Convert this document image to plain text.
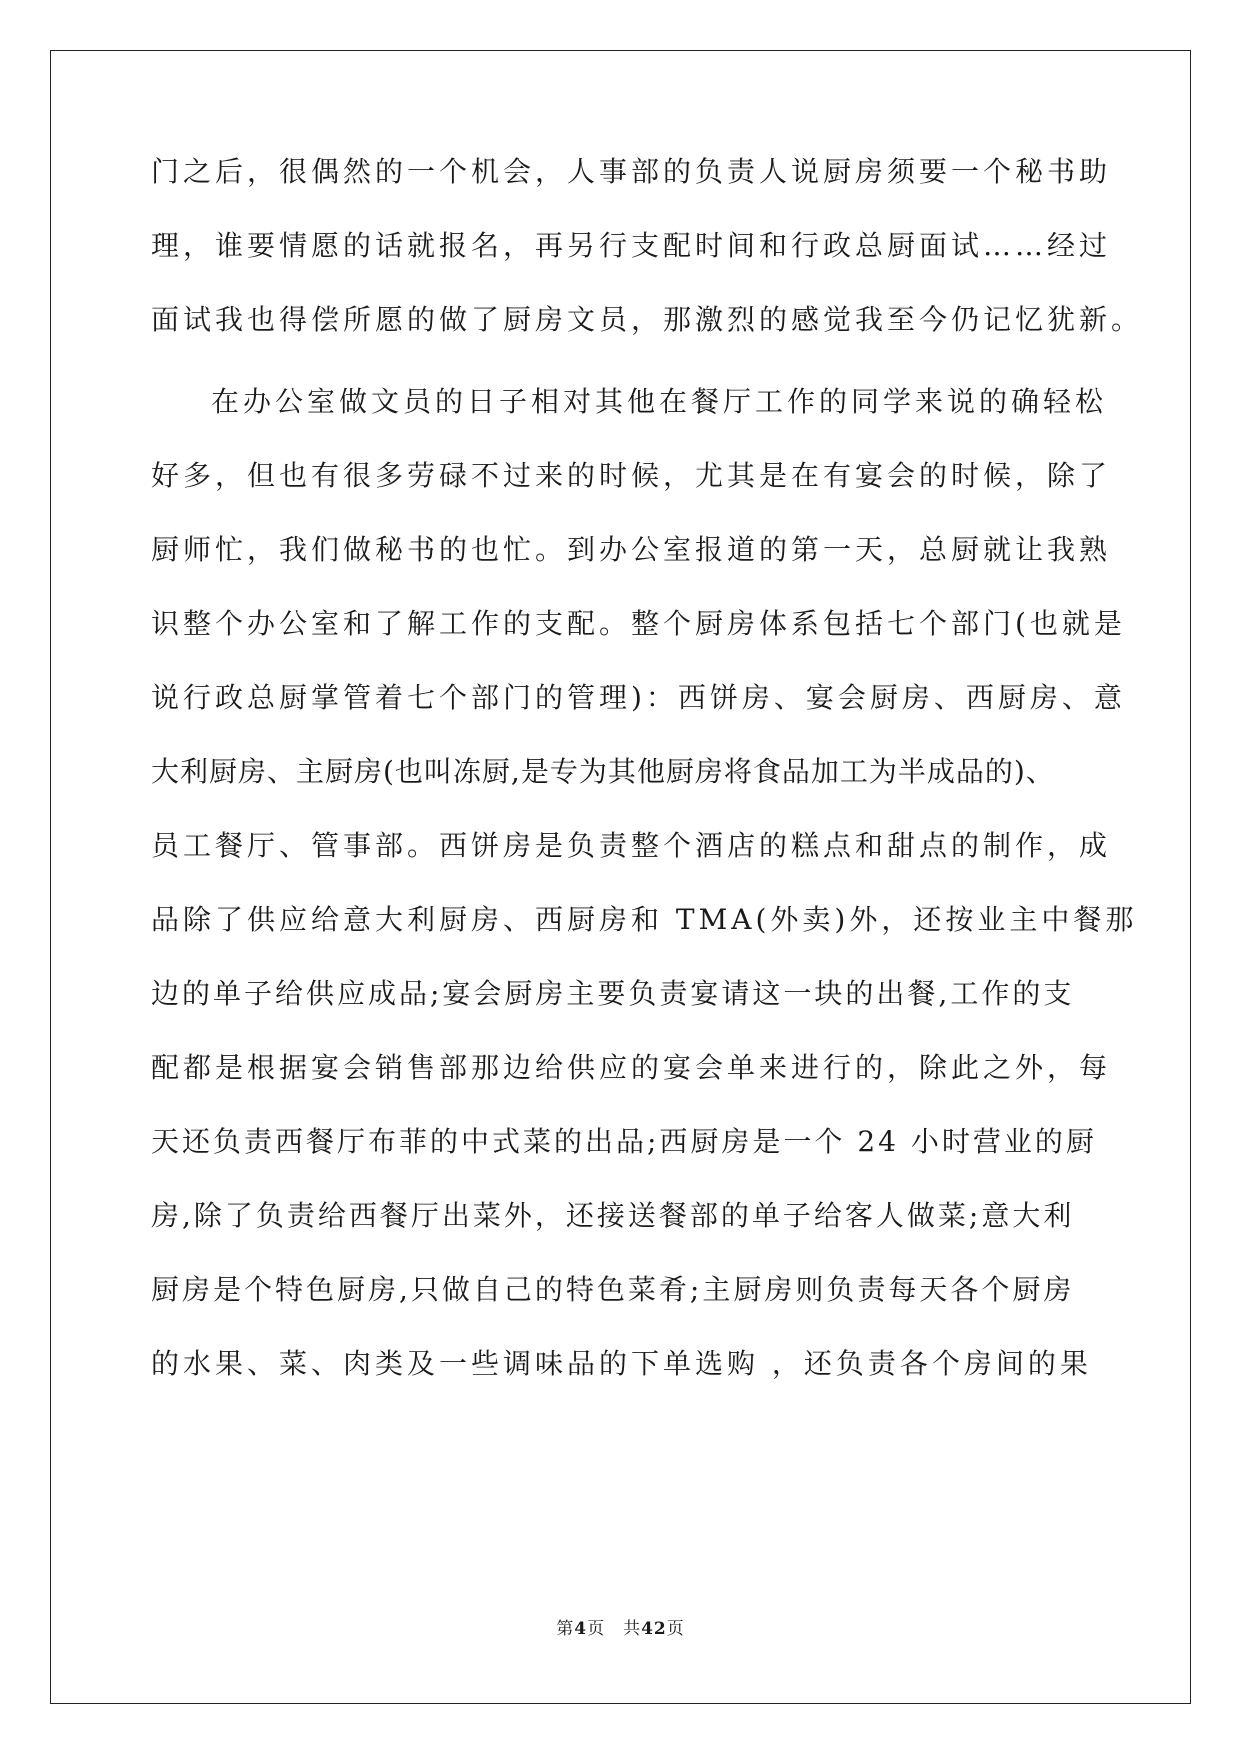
门之后，很偶然的一个机会，人事部的负责人说厨房须要一个秘书助
理，谁要情愿的话就报名，再另行支配时间和行政总厨面试……经过
面试我也得偿所愿的做了厨房文员，那激烈的感觉我至今仍记忆犹新。
在办公室做文员的日子相对其他在餐厅工作的同学来说的确轻松
好多，但也有很多劳碌不过来的时候，尤其是在有宴会的时候，除了
厨师忙，我们做秘书的也忙。到办公室报道的第一天，总厨就让我熟
识整个办公室和了解工作的支配。整个厨房体系包括七个部门(也就是
说行政总厨掌管着七个部门的管理)：西饼房、宴会厨房、西厨房、意
大利厨房、主厨房(也叫冻厨,是专为其他厨房将食品加工为半成品的)、
员工餐厅、管事部。西饼房是负责整个酒店的糕点和甜点的制作，成
品除了供应给意大利厨房、西厨房和 TMA(外卖)外，还按业主中餐那
边的单子给供应成品;宴会厨房主要负责宴请这一块的出餐,工作的支
配都是根据宴会销售部那边给供应的宴会单来进行的，除此之外，每
天还负责西餐厅布菲的中式菜的出品;西厨房是一个 24 小时营业的厨
房,除了负责给西餐厅出菜外，还接送餐部的单子给客人做菜;意大利
厨房是个特色厨房,只做自己的特色菜肴;主厨房则负责每天各个厨房
的水果、菜、肉类及一些调味品的下单选购 ，还负责各个房间的果
第4页 共42页
